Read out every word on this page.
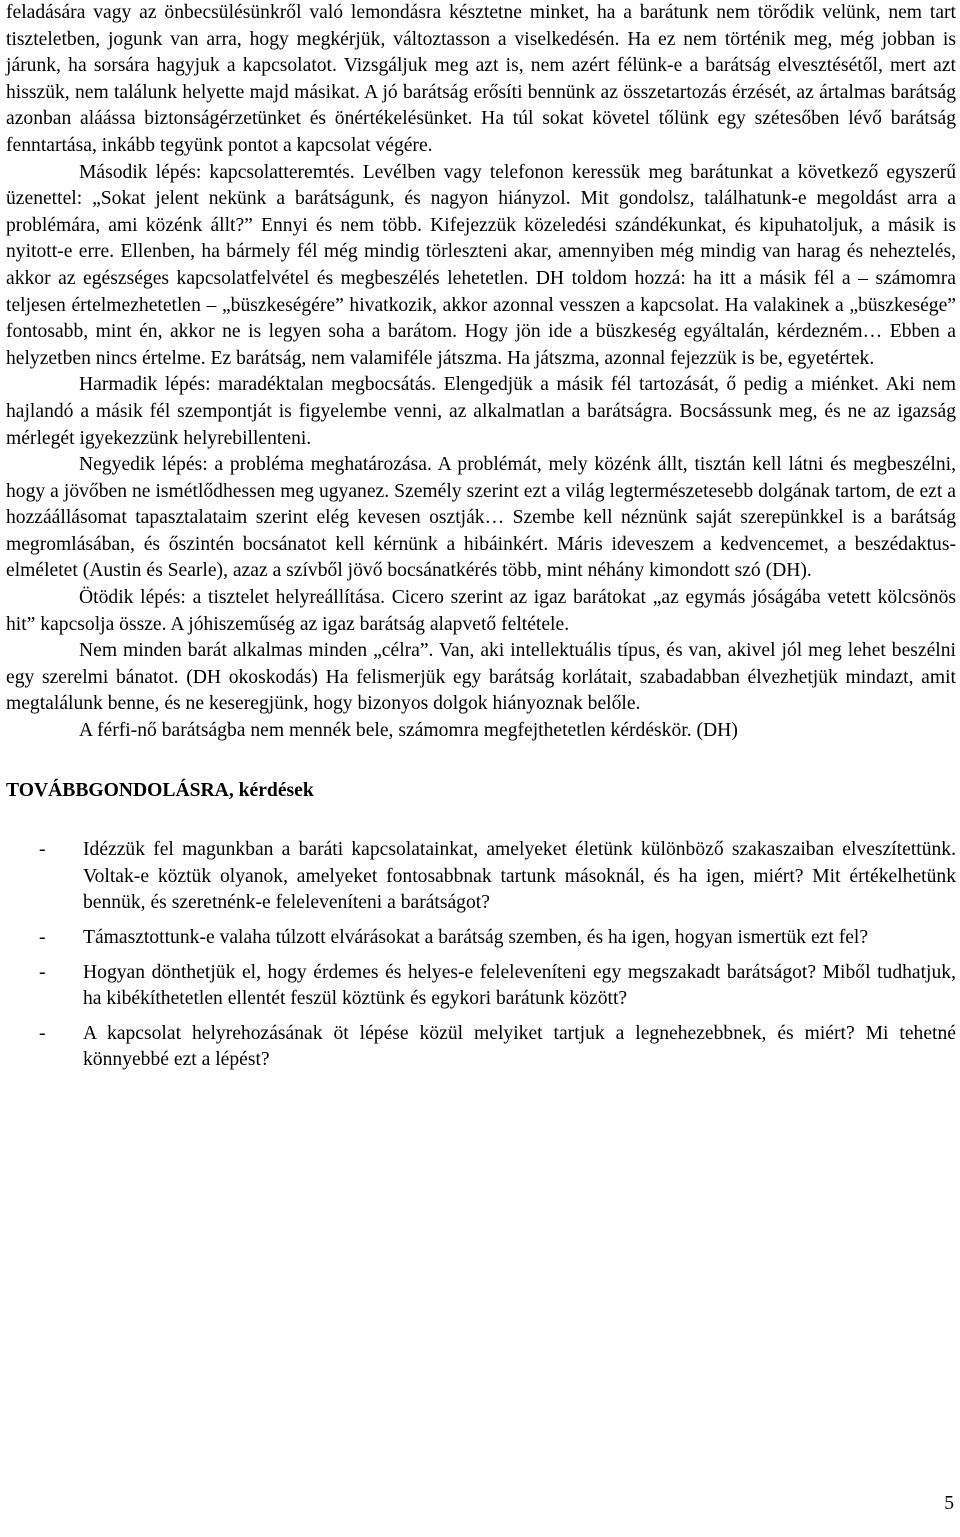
feladására vagy az önbecsülésünkről való lemondásra késztetne minket, ha a barátunk nem törődik velünk, nem tart tiszteletben, jogunk van arra, hogy megkérjük, változtasson a viselkedésén. Ha ez nem történik meg, még jobban is járunk, ha sorsára hagyjuk a kapcsolatot. Vizsgáljuk meg azt is, nem azért félünk-e a barátság elvesztésétől, mert azt hisszük, nem találunk helyette majd másikat. A jó barátság erősíti bennünk az összetartozás érzését, az ártalmas barátság azonban aláássa biztonságérzetünket és önértékelésünket. Ha túl sokat követel tőlünk egy szétesőben lévő barátság fenntartása, inkább tegyünk pontot a kapcsolat végére.

Második lépés: kapcsolatteremtés. Levélben vagy telefonon keressük meg barátunkat a következő egyszerű üzenettel: „Sokat jelent nekünk a barátságunk, és nagyon hiányzol. Mit gondolsz, találhatunk-e megoldást arra a problémára, ami közénk állt?” Ennyi és nem több. Kifejezzük közeledési szándékunkat, és kipuhatoljuk, a másik is nyitott-e erre. Ellenben, ha bármely fél még mindig törleszteni akar, amennyiben még mindig van harag és neheztelés, akkor az egészséges kapcsolatfelvétel és megbeszélés lehetetlen. DH toldom hozzá: ha itt a másik fél a – számomra teljesen értelmezhetetlen – „büszkeségére” hivatkozik, akkor azonnal vesszen a kapcsolat. Ha valakinek a „büszkesége” fontosabb, mint én, akkor ne is legyen soha a barátom. Hogy jön ide a büszkeség egyáltalán, kérdezném… Ebben a helyzetben nincs értelme. Ez barátság, nem valamiféle játszma. Ha játszma, azonnal fejezzük is be, egyetértek.

Harmadik lépés: maradéktalan megbocsátás. Elengedjük a másik fél tartozását, ő pedig a miénket. Aki nem hajlandó a másik fél szempontját is figyelembe venni, az alkalmatlan a barátságra. Bocsássunk meg, és ne az igazság mérlegét igyekezzünk helyrebillenteni.

Negyedik lépés: a probléma meghatározása. A problémát, mely közénk állt, tisztán kell látni és megbeszélni, hogy a jövőben ne ismétlődhessen meg ugyanez. Személy szerint ezt a világ legtermészetesebb dolgának tartom, de ezt a hozzáállásomat tapasztalataim szerint elég kevesen osztják… Szembe kell néznünk saját szerepünkkel is a barátság megromlásában, és őszintén bocsánatot kell kérnünk a hibáinkért. Máris ideveszem a kedvencemet, a beszédaktus-elméletet (Austin és Searle), azaz a szívből jövő bocsánatkérés több, mint néhány kimondott szó (DH).

Ötödik lépés: a tisztelet helyreállítása. Cicero szerint az igaz barátokat „az egymás jóságába vetett kölcsönös hit” kapcsolja össze. A jóhiszeműség az igaz barátság alapvető feltétele.

Nem minden barát alkalmas minden „célra”. Van, aki intellektuális típus, és van, akivel jól meg lehet beszélni egy szerelmi bánatot. (DH okoskodás) Ha felismerjük egy barátság korlátait, szabadabban élvezhetjük mindazt, amit megtalálunk benne, és ne keseregjünk, hogy bizonyos dolgok hiányoznak belőle.

A férfi-nő barátságba nem mennék bele, számomra megfejthetetlen kérdéskör. (DH)

TOVÁBBGONDOLÁSRA, kérdések
- Idézzük fel magunkban a baráti kapcsolatainkat, amelyeket életünk különböző szakaszaiban elveszítettünk. Voltak-e köztük olyanok, amelyeket fontosabbnak tartunk másoknál, és ha igen, miért? Mit értékelhetünk bennük, és szeretnénk-e feleleveníteni a barátságot?
- Támasztottunk-e valaha túlzott elvárásokat a barátság szemben, és ha igen, hogyan ismertük ezt fel?
- Hogyan dönthetjük el, hogy érdemes és helyes-e feleleveníteni egy megszakadt barátságot? Miből tudhatjuk, ha kibékíthetetlen ellentét feszül köztünk és egykori barátunk között?
- A kapcsolat helyrehozásának öt lépése közül melyiket tartjuk a legnehezebbnek, és miért? Mi tehetné könnyebbé ezt a lépést?
5
